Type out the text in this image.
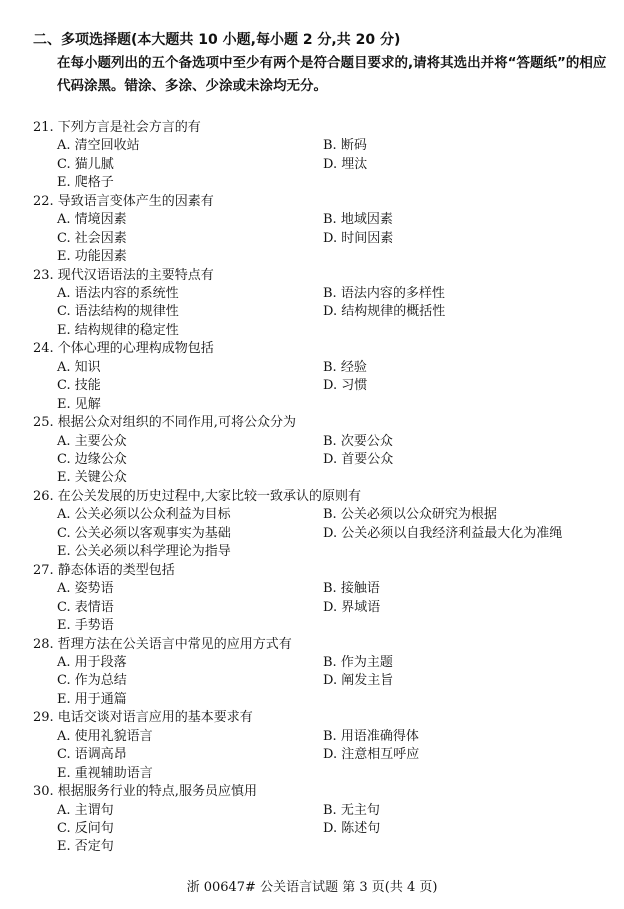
二、多项选择题(本大题共 10 小题,每小题 2 分,共 20 分)
在每小题列出的五个备选项中至少有两个是符合题目要求的,请将其选出并将“答题纸”的相应代码涂黑。错涂、多涂、少涂或未涂均无分。
21. 下列方言是社会方言的有
A. 清空回收站	B. 断码
C. 猫儿腻	D. 埋汰
E. 爬格子
22. 导致语言变体产生的因素有
A. 情境因素	B. 地域因素
C. 社会因素	D. 时间因素
E. 功能因素
23. 现代汉语语法的主要特点有
A. 语法内容的系统性	B. 语法内容的多样性
C. 语法结构的规律性	D. 结构规律的概括性
E. 结构规律的稳定性
24. 个体心理的心理构成物包括
A. 知识	B. 经验
C. 技能	D. 习惯
E. 见解
25. 根据公众对组织的不同作用,可将公众分为
A. 主要公众	B. 次要公众
C. 边缘公众	D. 首要公众
E. 关键公众
26. 在公关发展的历史过程中,大家比较一致承认的原则有
A. 公关必须以公众利益为目标	B. 公关必须以公众研究为根据
C. 公关必须以客观事实为基础	D. 公关必须以自我经济利益最大化为准绳
E. 公关必须以科学理论为指导
27. 静态体语的类型包括
A. 姿势语	B. 接触语
C. 表情语	D. 界域语
E. 手势语
28. 哲理方法在公关语言中常见的应用方式有
A. 用于段落	B. 作为主题
C. 作为总结	D. 阐发主旨
E. 用于通篇
29. 电话交谈对语言应用的基本要求有
A. 使用礼貌语言	B. 用语准确得体
C. 语调高昂	D. 注意相互呼应
E. 重视辅助语言
30. 根据服务行业的特点,服务员应慎用
A. 主谓句	B. 无主句
C. 反问句	D. 陈述句
E. 否定句
浙 00647# 公关语言试题 第 3 页(共 4 页)
